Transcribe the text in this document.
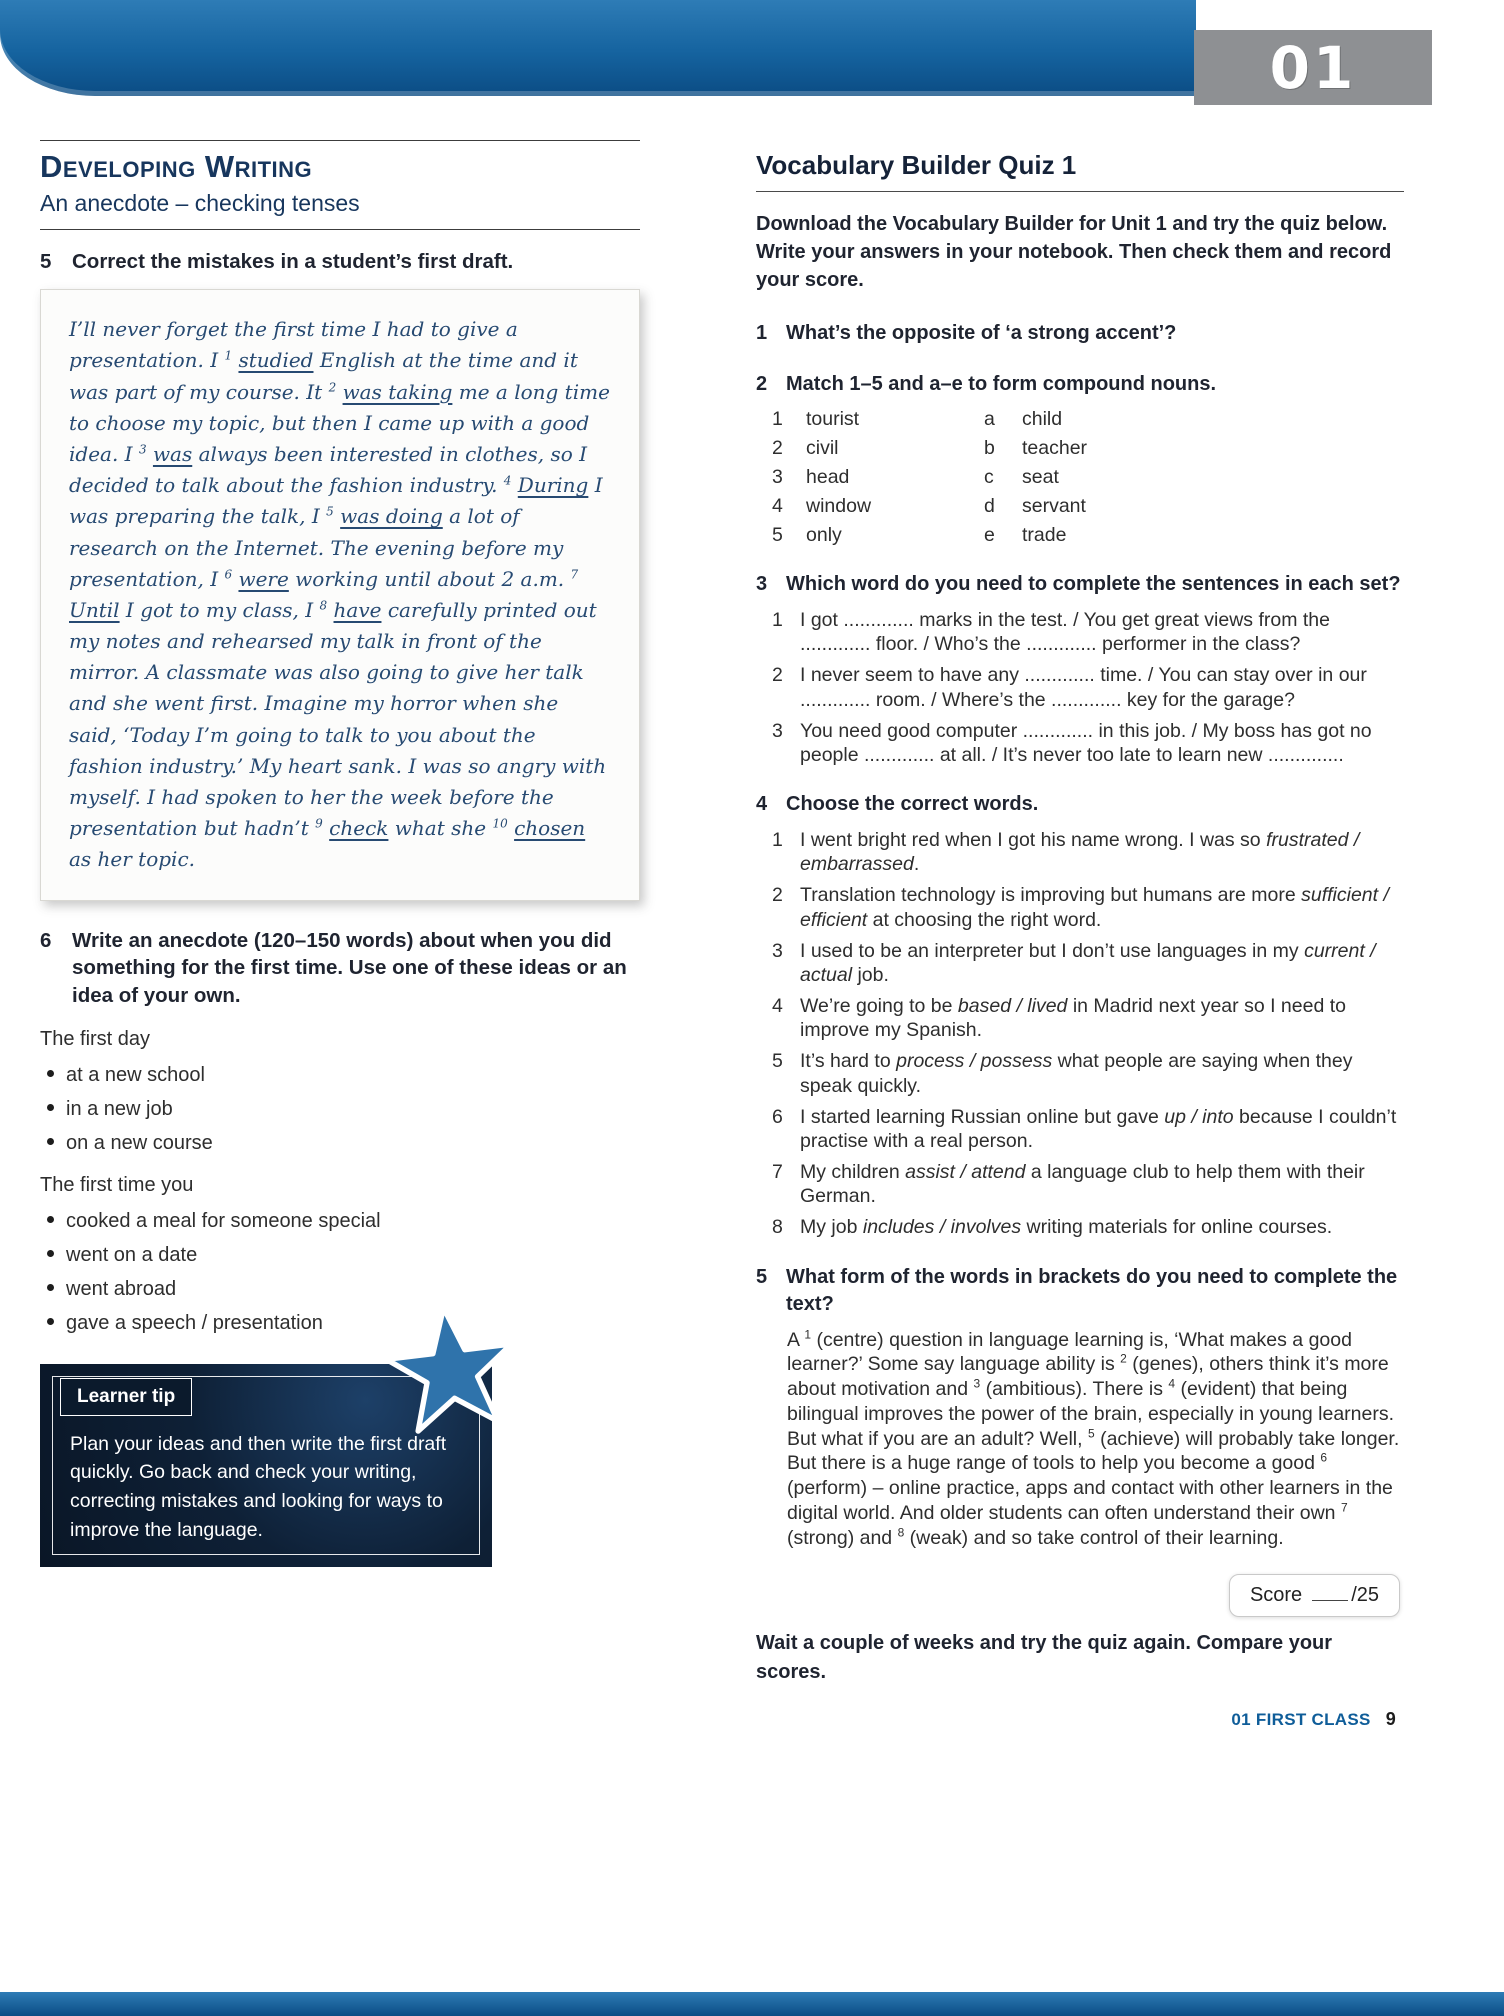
01
Developing Writing
An anecdote – checking tenses
5 Correct the mistakes in a student’s first draft.
I’ll never forget the first time I had to give a presentation. I $^1$ studied English at the time and it was part of my course. It $^2$ was taking me a long time to choose my topic, but then I came up with a good idea. I $^3$ was always been interested in clothes, so I decided to talk about the fashion industry. $^4$ During I was preparing the talk, I $^5$ was doing a lot of research on the Internet. The evening before my presentation, I $^6$ were working until about 2 a.m. $^7$ Until I got to my class, I $^8$ have carefully printed out my notes and rehearsed my talk in front of the mirror. A classmate was also going to give her talk and she went first. Imagine my horror when she said, ‘Today I’m going to talk to you about the fashion industry.’ My heart sank. I was so angry with myself. I had spoken to her the week before the presentation but hadn’t $^9$ check what she $^{10}$ chosen as her topic.
6 Write an anecdote (120–150 words) about when you did something for the first time. Use one of these ideas or an idea of your own.

The first day

at a new school
in a new job
on a new course

The first time you

cooked a meal for someone special
went on a date
went abroad
gave a speech / presentation
Learner tip
Plan your ideas and then write the first draft quickly. Go back and check your writing, correcting mistakes and looking for ways to improve the language.
Vocabulary Builder Quiz 1

Download the Vocabulary Builder for Unit 1 and try the quiz below. Write your answers in your notebook. Then check them and record your score.

1 What’s the opposite of ‘a strong accent’?
2 Match 1–5 and a–e to form compound nouns.
1	tourist	a	child
2	civil	b	teacher
3	head	c	seat
4	window	d	servant
5	only	e	trade
3 Which word do you need to complete the sentences in each set?
1 I got ............. marks in the test. / You get great views from the ............. floor. / Who’s the ............. performer in the class?
2 I never seem to have any ............. time. / You can stay over in our ............. room. / Where’s the ............. key for the garage?
3 You need good computer ............. in this job. / My boss has got no people ............. at all. / It’s never too late to learn new ..............
4 Choose the correct words.
1 I went bright red when I got his name wrong. I was so frustrated / embarrassed.
2 Translation technology is improving but humans are more sufficient / efficient at choosing the right word.
3 I used to be an interpreter but I don’t use languages in my current / actual job.
4 We’re going to be based / lived in Madrid next year so I need to improve my Spanish.
5 It’s hard to process / possess what people are saying when they speak quickly.
6 I started learning Russian online but gave up / into because I couldn’t practise with a real person.
7 My children assist / attend a language club to help them with their German.
8 My job includes / involves writing materials for online courses.
5 What form of the words in brackets do you need to complete the text?

A $^1$ (centre) question in language learning is, ‘What makes a good learner?’ Some say language ability is $^2$ (genes), others think it’s more about motivation and $^3$ (ambitious). There is $^4$ (evident) that being bilingual improves the power of the brain, especially in young learners. But what if you are an adult? Well, $^5$ (achieve) will probably take longer. But there is a huge range of tools to help you become a good $^6$ (perform) – online practice, apps and contact with other learners in the digital world. And older students can often understand their own $^7$ (strong) and $^8$ (weak) and so take control of their learning.

Score /25

Wait a couple of weeks and try the quiz again. Compare your scores.

01 FIRST CLASS 9
